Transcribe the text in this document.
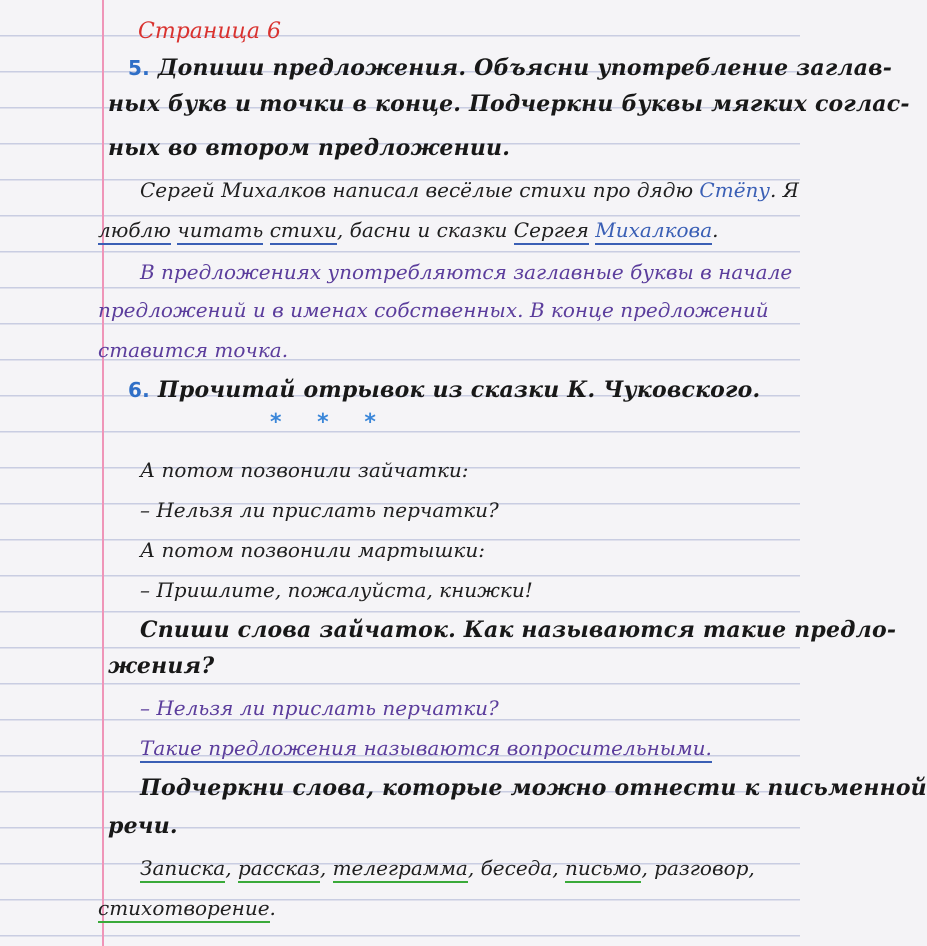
Страница 6
5. Допиши предложения. Объясни употребление заглав-
ных букв и точки в конце. Подчеркни буквы мягких соглас-
ных во втором предложении.
Сергей Михалков написал весёлые стихи про дядю Стёпу. Я
люблю читать стихи, басни и сказки Сергея Михалкова.
В предложениях употребляются заглавные буквы в начале
предложений и в именах собственных. В конце предложений
ставится точка.
6. Прочитай отрывок из сказки К. Чуковского.
* * *
А потом позвонили зайчатки:
– Нельзя ли прислать перчатки?
А потом позвонили мартышки:
– Пришлите, пожалуйста, книжки!
Спиши слова зайчаток. Как называются такие предло-
жения?
– Нельзя ли прислать перчатки?
Такие предложения называются вопросительными.
Подчеркни слова, которые можно отнести к письменной
речи.
Записка, рассказ, телеграмма, беседа, письмо, разговор,
стихотворение.
